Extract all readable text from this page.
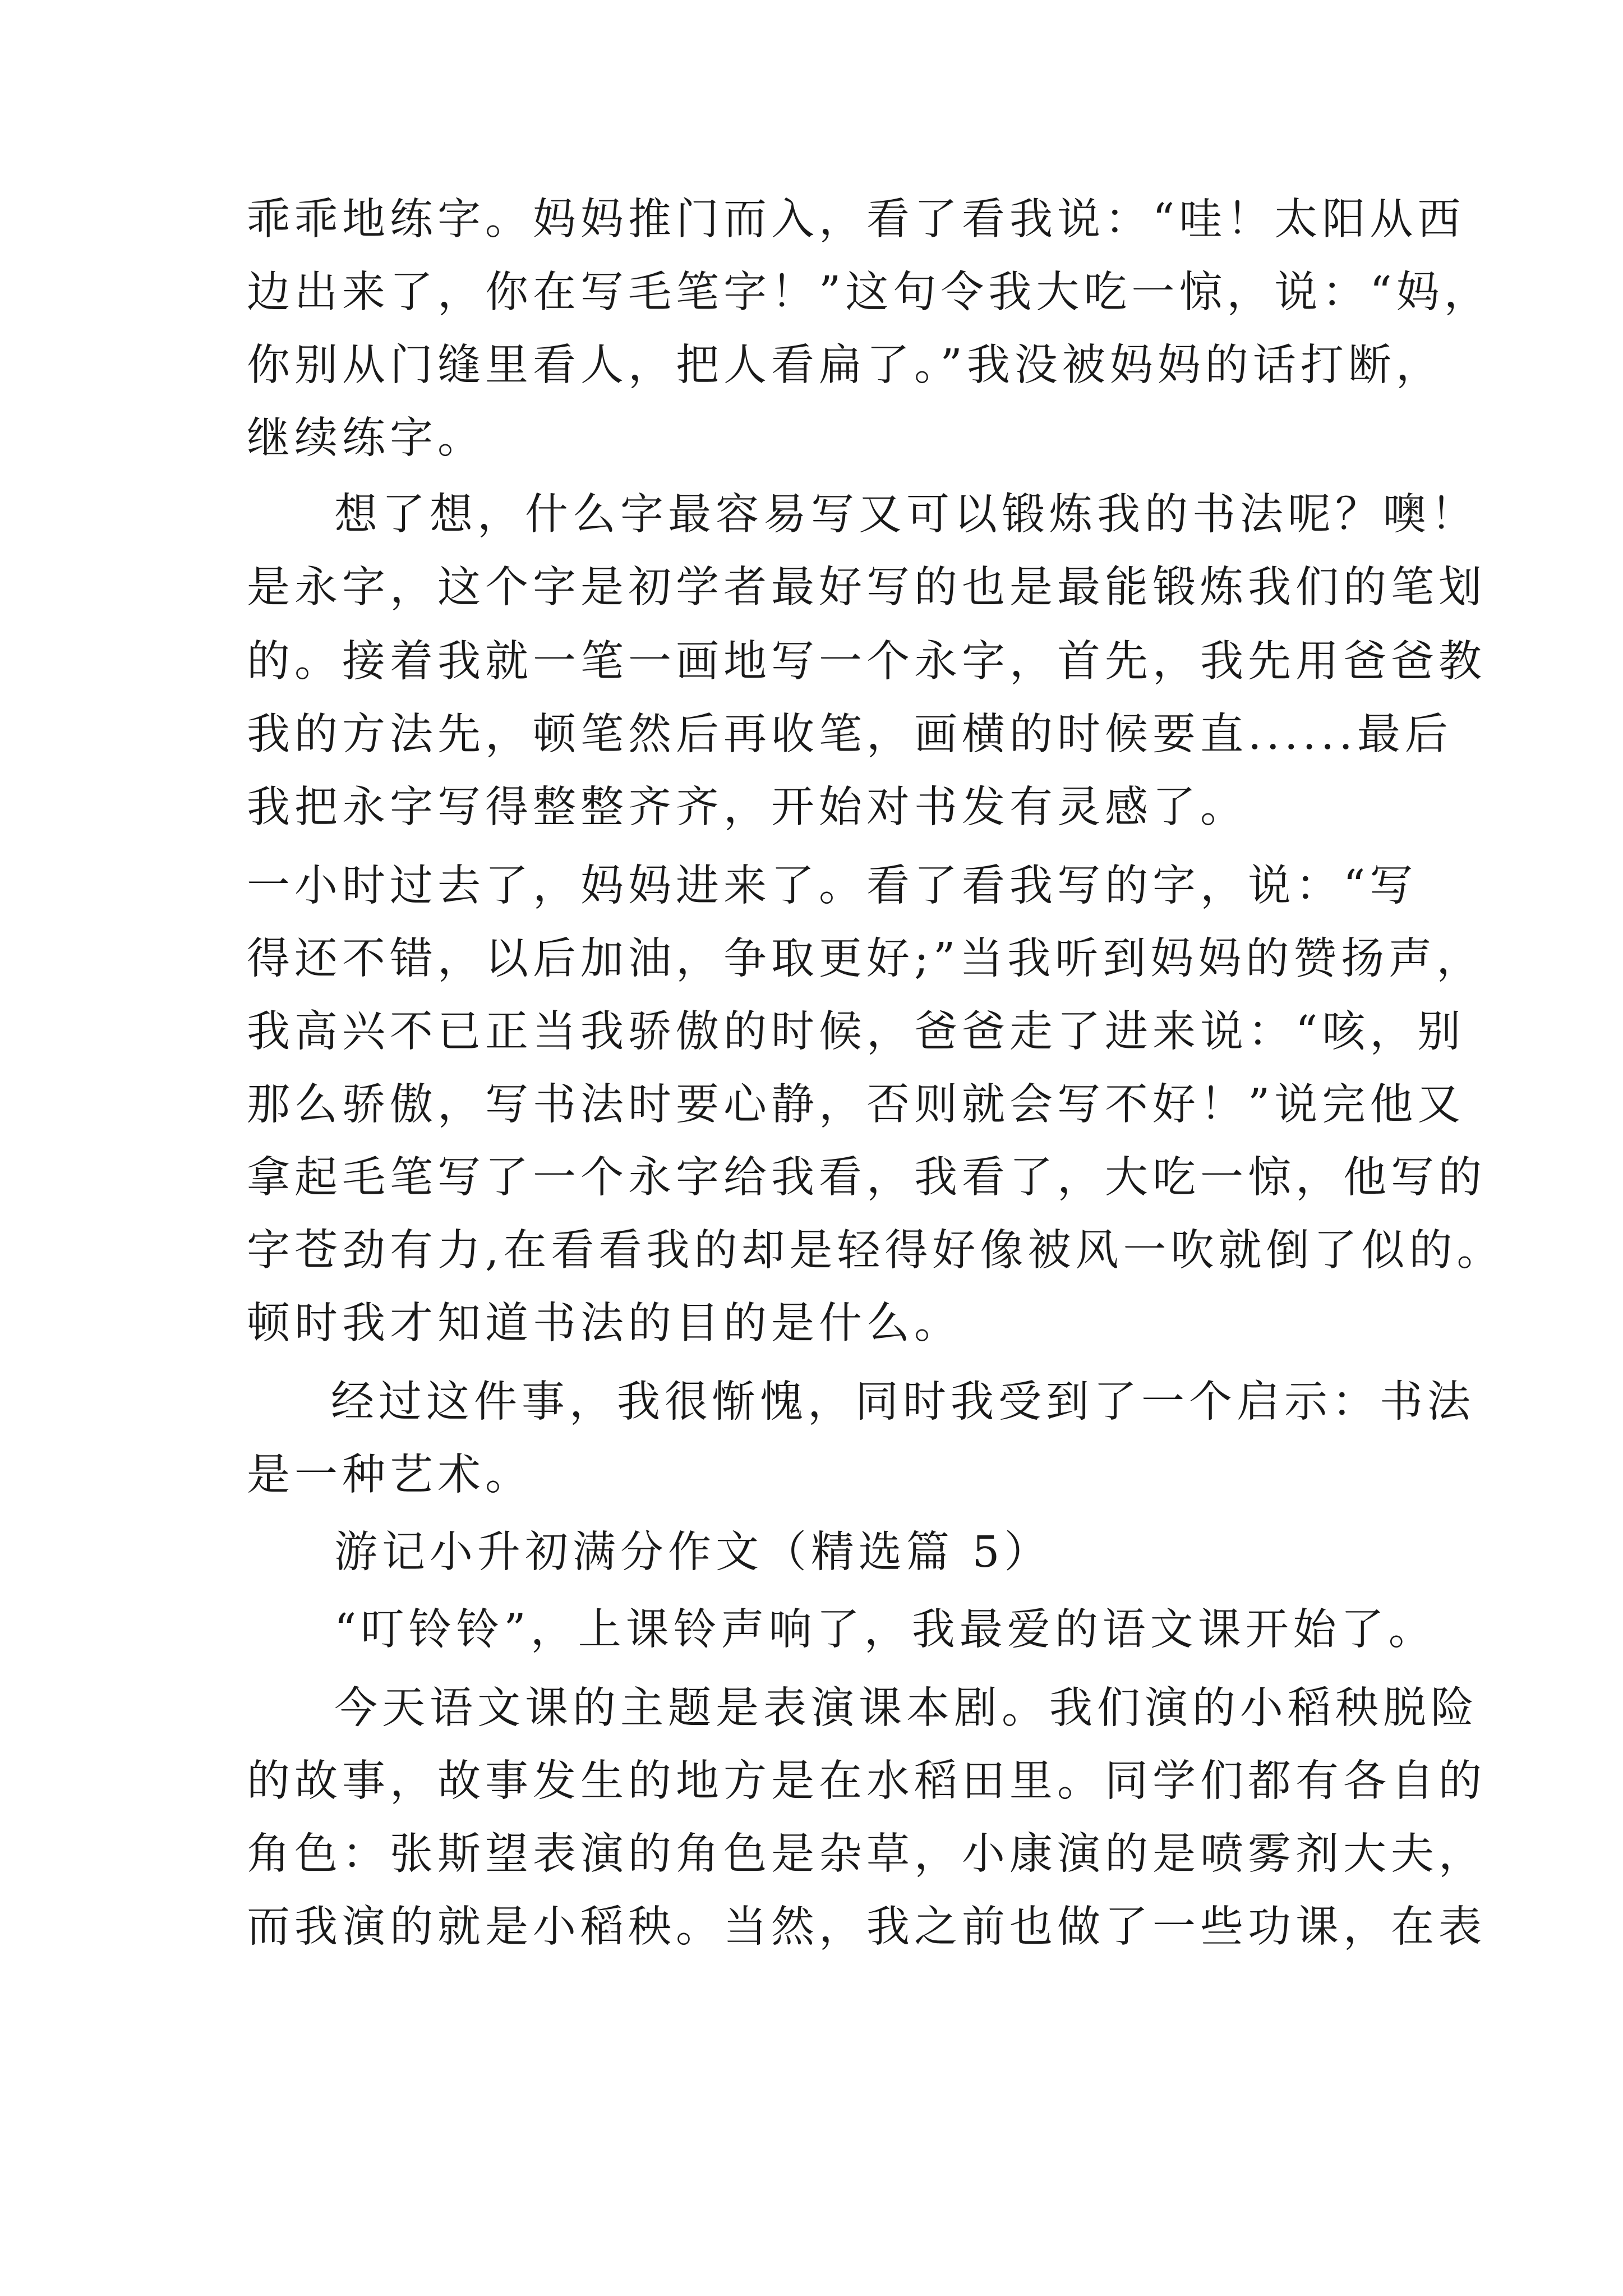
乖乖地练字。妈妈推门而入，看了看我说：“哇！太阳从西
边出来了，你在写毛笔字！”这句令我大吃一惊，说：“妈，
你别从门缝里看人，把人看扁了。”我没被妈妈的话打断，
继续练字。
想了想，什么字最容易写又可以锻炼我的书法呢？噢！
是永字，这个字是初学者最好写的也是最能锻炼我们的笔划
的。接着我就一笔一画地写一个永字，首先，我先用爸爸教
我的方法先，顿笔然后再收笔，画横的时候要直......最后
我把永字写得整整齐齐，开始对书发有灵感了。
一小时过去了，妈妈进来了。看了看我写的字，说：“写
得还不错，以后加油，争取更好;”当我听到妈妈的赞扬声，
我高兴不已正当我骄傲的时候，爸爸走了进来说：“咳，别
那么骄傲，写书法时要心静，否则就会写不好！”说完他又
拿起毛笔写了一个永字给我看，我看了，大吃一惊，他写的
字苍劲有力,在看看我的却是轻得好像被风一吹就倒了似的。
顿时我才知道书法的目的是什么。
经过这件事，我很惭愧，同时我受到了一个启示：书法
是一种艺术。
游记小升初满分作文（精选篇 5）
“叮铃铃”，上课铃声响了，我最爱的语文课开始了。
今天语文课的主题是表演课本剧。我们演的小稻秧脱险
的故事，故事发生的地方是在水稻田里。同学们都有各自的
角色：张斯望表演的角色是杂草，小康演的是喷雾剂大夫，
而我演的就是小稻秧。当然，我之前也做了一些功课，在表
